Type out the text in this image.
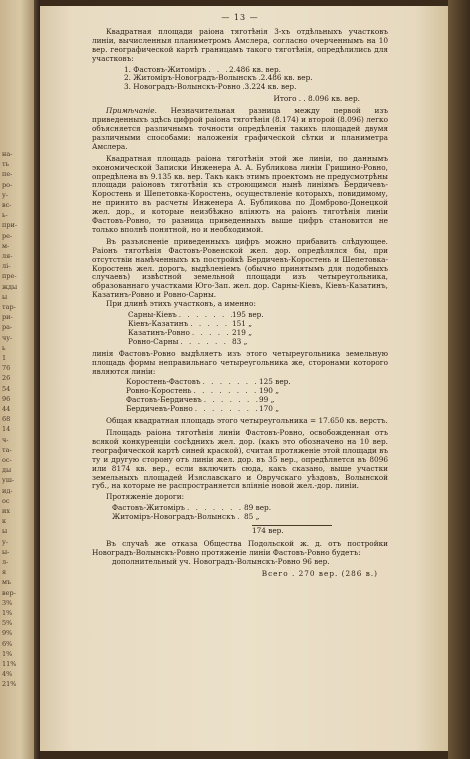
на-
ть
пе-
ро-
у-
вс-
ь-
при-
ре-
м-
ля-
лі-
пре-
жды
ы
тар-
ри-
ра-
чу-
ь
1
76
26
54
96
44
68
14
ч-
та-
ос-
ды
уш-
ид-
ос
их
к
ы
у-
ы-
л-
я
мъ
вер-
3%
1%
5%
9%
6%
1%
11%
4%
21%
— 13 —

Квадратная площади раіона тяготѣнія 3-хъ отдѣльныхъ участковъ линіи, вычисленныя планиметромъ Амслера, согласно очерченнымъ на 10 вер. географической картѣ границамъ такого тяготѣнія, опредѣлились для участковъ:

1. Фастовъ-Житоміръ . . .	2.486 кв. вер.
2. Житоміръ-Новоградъ-Волынскъ . . . 2.486 кв. вер.
3. Новоградъ-Волынскъ-Ровно . . . 3.224 кв. вер.
Итого . . 8.096 кв. вер.

Примѣчаніе. Незначительная разница между первой изъ приведенныхъ здѣсь цифрой раіона тяготѣнія (8.174) и второй (8.096) легко объясняется различнымъ точности опредѣленія такихъ площадей двумя различными способами: наложенія графической сѣтки и планиметра Амслера.

Квадратная площадь раіона тяготѣнія этой же линіи, по даннымъ экономической Записки Инженера А. А. Бубликова линіи Гришино-Ровно, опредѣлена въ 9.135 кв. вер. Такъ какъ этимъ проектомъ не предусмотрѣны площади раіоновъ тяготѣнія къ строющимся нынѣ линіямъ Бердичевъ-Коростень и Шепетовка-Коростень, осуществленіе которыхъ, повидимому, не принято въ расчеты Инженера А. Бубликова по Домброво-Донецкой жел. дор., и которые неизбѣжно влiяютъ на раіонъ тяготѣнія линіи Фастовъ-Ровно, то разница приведенныхъ выше цифръ становится не только вполнѣ понятной, но и необходимой.

Въ разъясненіе приведенныхъ цифръ можно прибавить слѣдующее. Раіонъ тяготѣнія Фастовъ-Ровенской жел. дор. опредѣлялся бы, при отсутствіи намѣченныхъ къ постройкѣ Бердичевъ-Коростень и Шепетовка-Коростень жел. дорогъ, выдѣленіемъ (обычно принятымъ для подобныхъ случаевъ) извѣстной земельной площади изъ четыреугольника, образованнаго участками Юго-Зап. жел. дор. Сарны-Кіевъ, Кіевъ-Казатинъ, Казатинъ-Ровно и Ровно-Сарны.

При длинѣ этихъ участковъ, а именно:

Сарны-Кіевъ . . .	195 вер.
Кіевъ-Казатинъ . . .	151 „
Казатинъ-Ровно . . .	219 „
Ровно-Сарны . . .	83 „

линія Фастовъ-Ровно выдѣляетъ изъ этого четыреугольника земельную площадь формы неправильнаго четыреугольника же, сторонами которого являются линіи:

Коростень-Фастовъ . . .	125 вер.
Ровно-Коростень . . .	190 „
Фастовъ-Бердичевъ . . .	99 „
Бердичевъ-Ровно . . .	170 „

Общая квадратная площадь этого четыреугольника = 17.650 кв. верстъ.

Площадь раіона тяготѣнія линіи Фастовъ-Ровно, освобожденная отъ всякой конкуренціи сосѣднихъ жел. дор. (какъ это обозначено на 10 вер. географической картѣ синей краской), считая протяженіе этой площади въ ту и другую сторону отъ линіи жел. дор. въ 35 вер., опредѣляется въ 8096 или 8174 кв. вер., если включить сюда, какъ сказано, выше участки земельныхъ площадей Изяславскаго и Овручскаго уѣздовъ, Волынской губ., на которые не распространяется вліяніе новой жел.-дор. линіи.

Протяженіе дороги:

Фастовъ-Житоміръ . . .	89 вер.
Житоміръ-Новоградъ-Волынскъ . . . 85 „
174 вер.

Въ случаѣ же отказа Общества Подольской ж. д. отъ постройки Новоградъ-Волынскъ-Ровно протяженіе линіи Фастовъ-Ровно будетъ:

дополнительный уч. Новоградъ-Волынскъ-Ровно 96 вер.
Всего . 270 вер. (286 в.)
